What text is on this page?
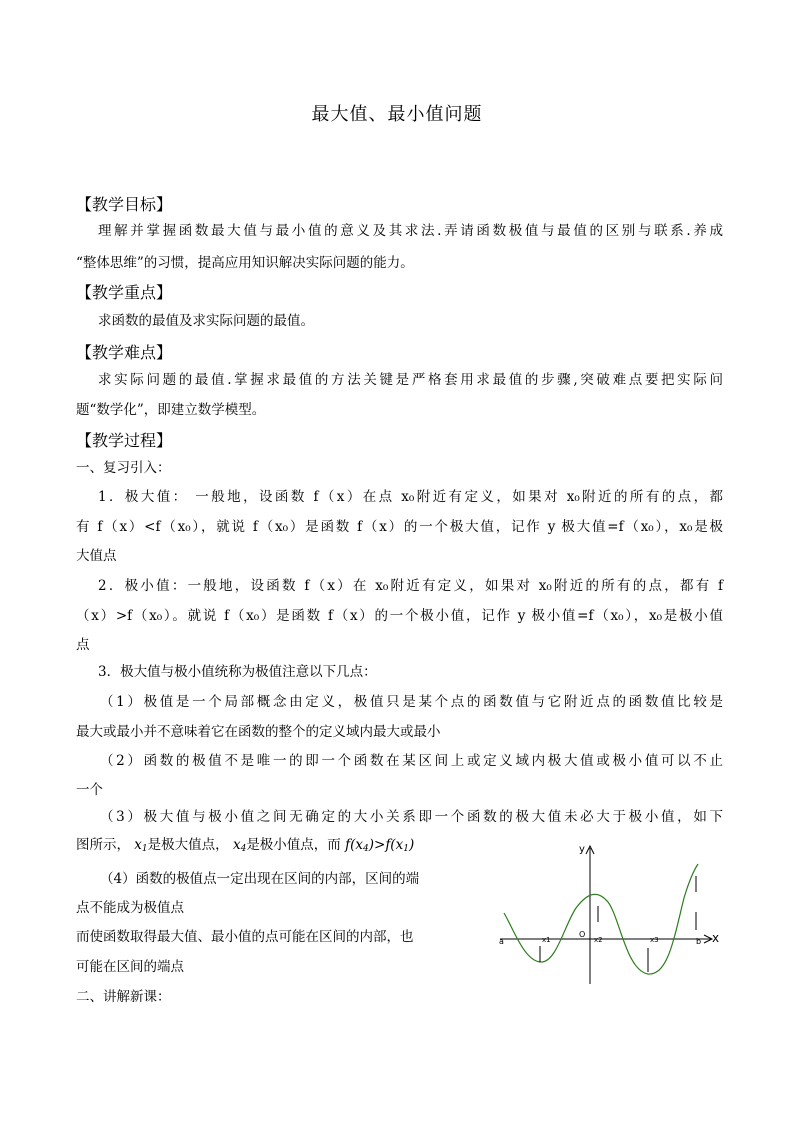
最大值、最小值问题
【教学目标】
理解并掌握函数最大值与最小值的意义及其求法.弄请函数极值与最值的区别与联系.养成
“整体思维”的习惯，提高应用知识解决实际问题的能力。
【教学重点】
求函数的最值及求实际问题的最值。
【教学难点】
求实际问题的最值.掌握求最值的方法关键是严格套用求最值的步骤,突破难点要把实际问
题“数学化”，即建立数学模型。
【教学过程】
一、复习引入：
1．极大值： 一般地，设函数 f（x）在点 x₀附近有定义，如果对 x₀附近的所有的点，都
有 f（x）<f（x₀），就说 f（x₀）是函数 f（x）的一个极大值，记作 y 极大值=f（x₀），x₀是极
大值点
2．极小值：一般地，设函数 f（x）在 x₀附近有定义，如果对 x₀附近的所有的点，都有 f
（x）>f（x₀）。就说 f（x₀）是函数 f（x）的一个极小值，记作 y 极小值=f（x₀），x₀是极小值
点
3．极大值与极小值统称为极值注意以下几点：
（1）极值是一个局部概念由定义，极值只是某个点的函数值与它附近点的函数值比较是
最大或最小并不意味着它在函数的整个的定义域内最大或最小
（2）函数的极值不是唯一的即一个函数在某区间上或定义域内极大值或极小值可以不止
一个
（3）极大值与极小值之间无确定的大小关系即一个函数的极大值未必大于极小值，如下
图所示， $x_1$是极大值点， $x_4$是极小值点，而 $f(x_4)>f(x_1)$
（4）函数的极值点一定出现在区间的内部，区间的端
点不能成为极值点
而使函数取得最大值、最小值的点可能在区间的内部，也
可能在区间的端点
二、讲解新课：
y
x
O
a	b
x1	x2	x3
